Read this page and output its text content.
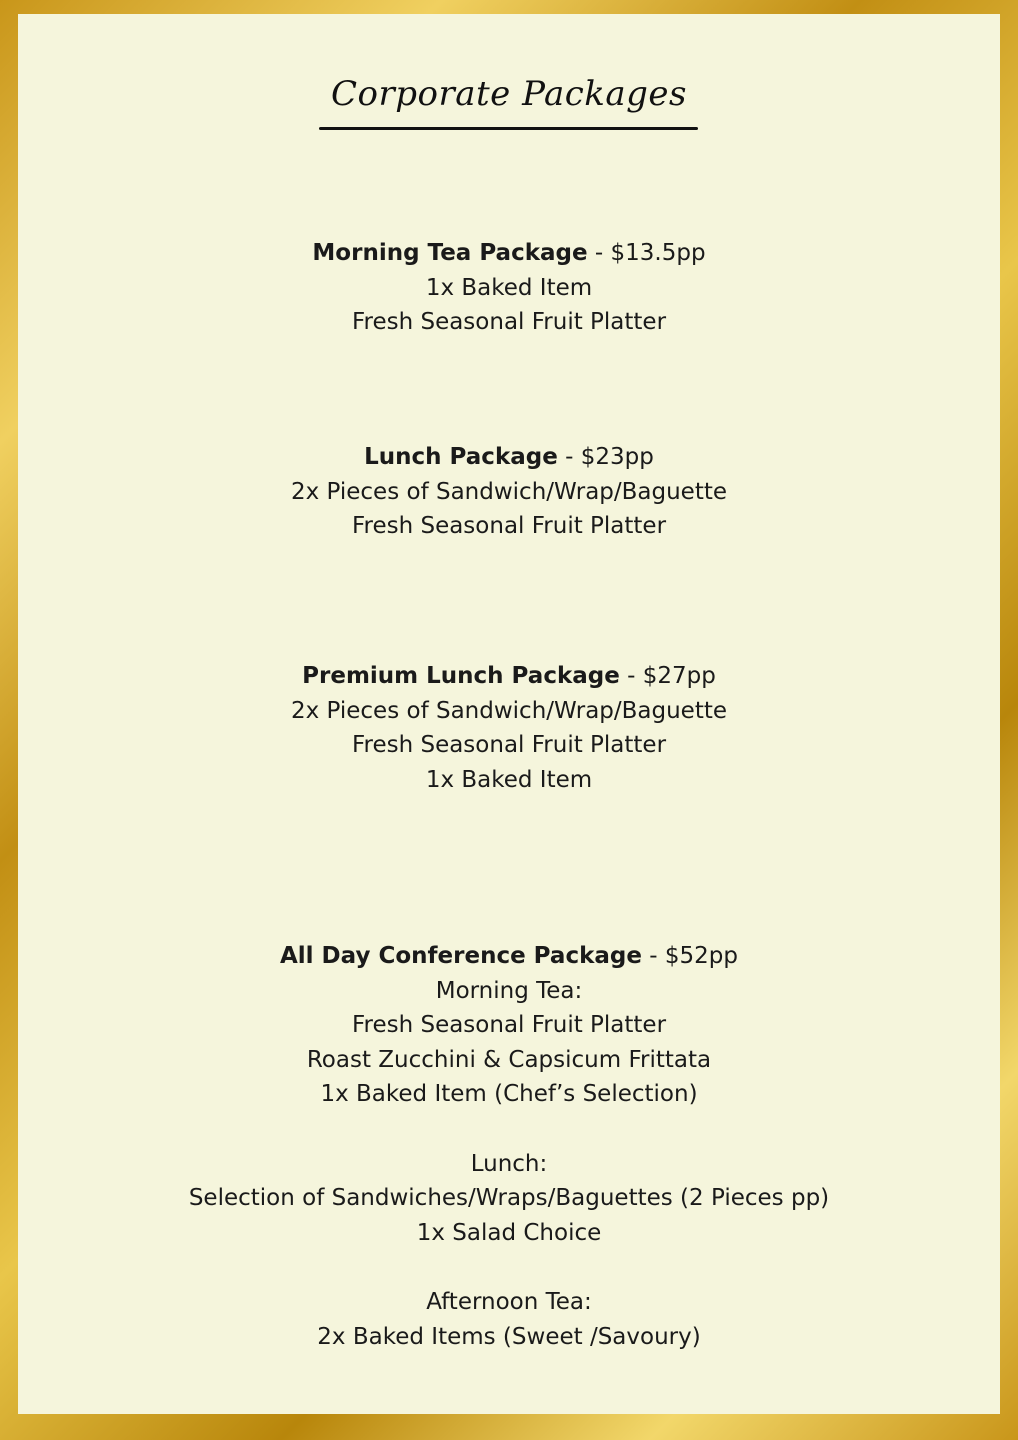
Corporate Packages
Morning Tea Package - $13.5pp
1x Baked Item
Fresh Seasonal Fruit Platter
Lunch Package - $23pp
2x Pieces of Sandwich/Wrap/Baguette
Fresh Seasonal Fruit Platter
Premium Lunch Package - $27pp
2x Pieces of Sandwich/Wrap/Baguette
Fresh Seasonal Fruit Platter
1x Baked Item
All Day Conference Package - $52pp
Morning Tea:
Fresh Seasonal Fruit Platter
Roast Zucchini & Capsicum Frittata
1x Baked Item (Chef’s Selection)
Lunch:
Selection of Sandwiches/Wraps/Baguettes (2 Pieces pp)
1x Salad Choice
Afternoon Tea:
2x Baked Items (Sweet /Savoury)
